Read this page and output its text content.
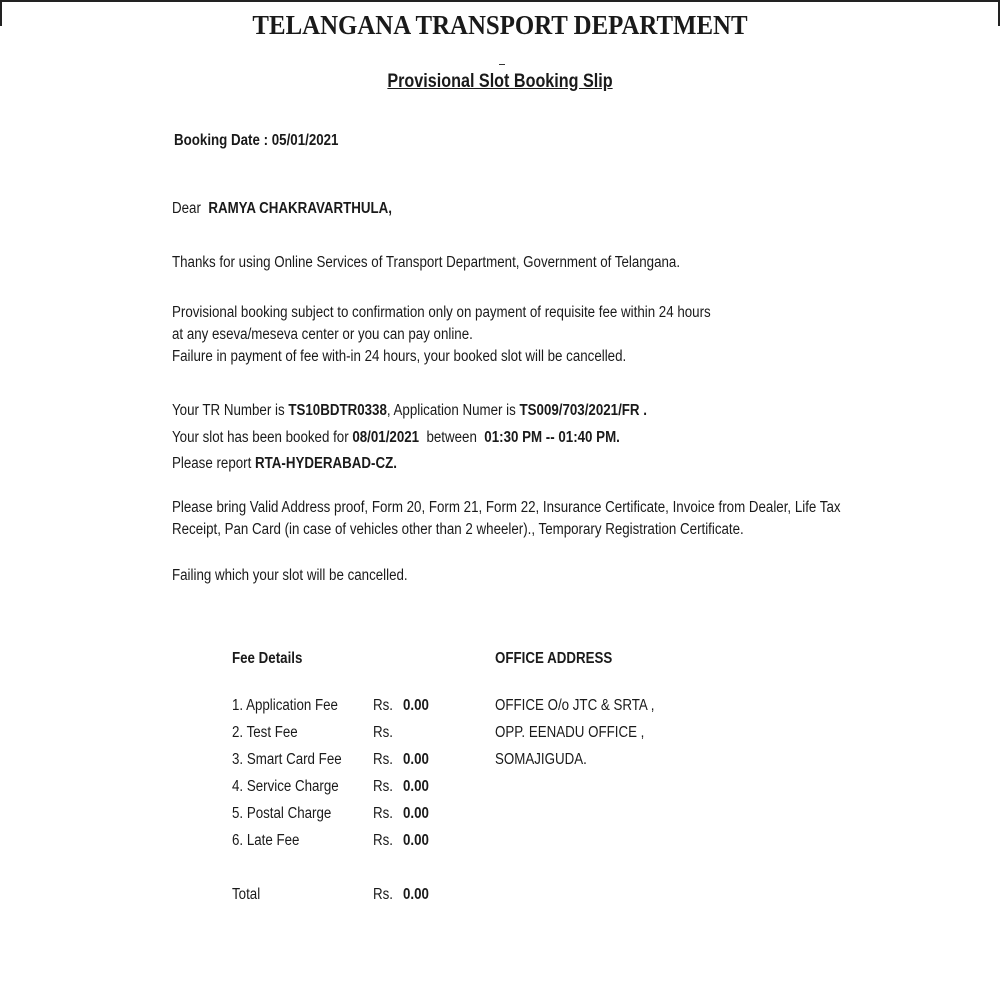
TELANGANA TRANSPORT DEPARTMENT
Provisional Slot Booking Slip
Booking Date : 05/01/2021
Dear RAMYA CHAKRAVARTHULA,
Thanks for using Online Services of Transport Department, Government of Telangana.
Provisional booking subject to confirmation only on payment of requisite fee within 24 hours
at any eseva/meseva center or you can pay online.
Failure in payment of fee with-in 24 hours, your booked slot will be cancelled.
Your TR Number is TS10BDTR0338, Application Numer is TS009/703/2021/FR .
Your slot has been booked for 08/01/2021 between 01:30 PM -- 01:40 PM.
Please report RTA-HYDERABAD-CZ.
Please bring Valid Address proof, Form 20, Form 21, Form 22, Insurance Certificate, Invoice from Dealer, Life Tax
Receipt, Pan Card (in case of vehicles other than 2 wheeler)., Temporary Registration Certificate.
Failing which your slot will be cancelled.
Fee Details
1. Application Fee Rs. 0.00
2. Test Fee	Rs.
3. Smart Card Fee Rs. 0.00
4. Service Charge Rs. 0.00
5. Postal Charge	Rs. 0.00
6. Late Fee	Rs. 0.00
Total	Rs. 0.00
OFFICE ADDRESS
OFFICE O/o JTC & SRTA ,
OPP. EENADU OFFICE ,
SOMAJIGUDA.
